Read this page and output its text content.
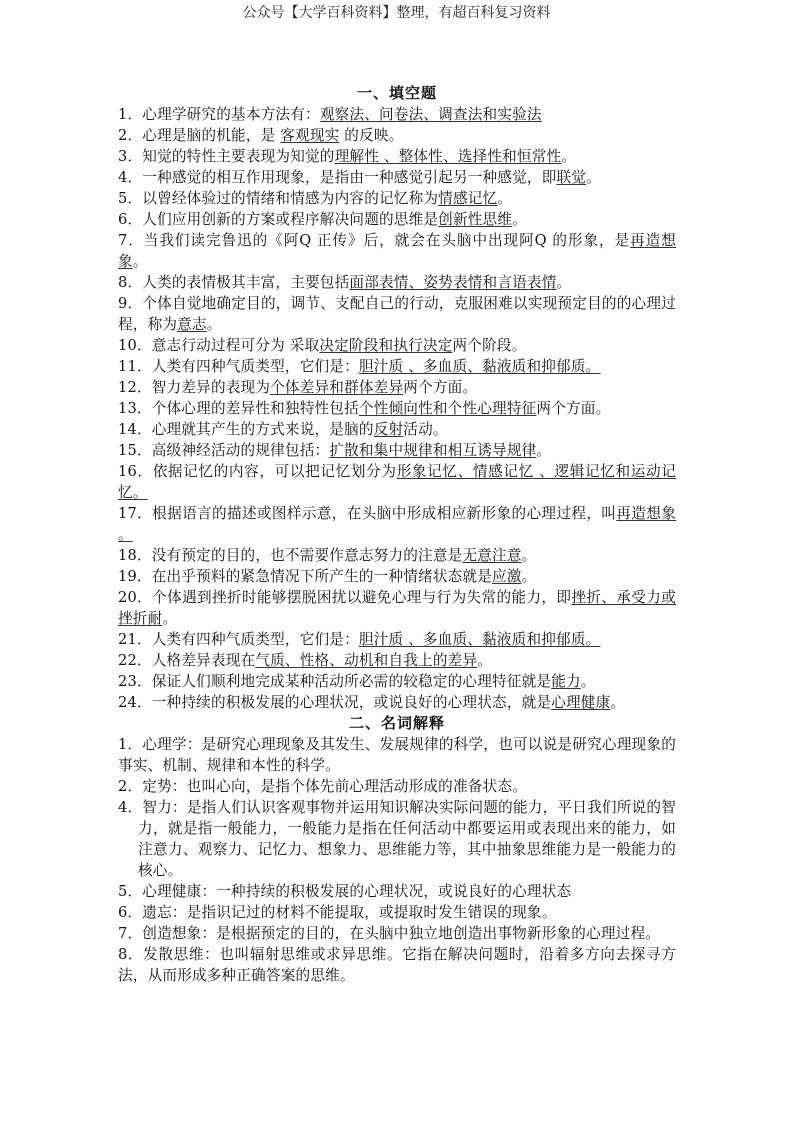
公众号【大学百科资料】整理，有超百科复习资料
一、填空题

1．心理学研究的基本方法有：观察法、问卷法、调查法和实验法

2．心理是脑的机能，是 客观现实 的反映。

3．知觉的特性主要表现为知觉的理解性 、整体性、选择性和恒常性。

4．一种感觉的相互作用现象，是指由一种感觉引起另一种感觉，即联觉。

5．以曾经体验过的情绪和情感为内容的记忆称为情感记忆。

6．人们应用创新的方案或程序解决问题的思维是创新性思维。

7．当我们读完鲁迅的《阿Q 正传》后，就会在头脑中出现阿Q 的形象，是再造想象。

8．人类的表情极其丰富，主要包括面部表情、姿势表情和言语表情。

9．个体自觉地确定目的，调节、支配自己的行动，克服困难以实现预定目的的心理过程，称为意志。

10．意志行动过程可分为 采取决定阶段和执行决定两个阶段。

11．人类有四种气质类型，它们是：胆汁质 、多血质、黏液质和抑郁质。

12．智力差异的表现为个体差异和群体差异两个方面。

13．个体心理的差异性和独特性包括个性倾向性和个性心理特征两个方面。

14．心理就其产生的方式来说，是脑的反射活动。

15．高级神经活动的规律包括：扩散和集中规律和相互诱导规律。

16．依据记忆的内容，可以把记忆划分为形象记忆、情感记忆 、逻辑记忆和运动记忆。

17．根据语言的描述或图样示意，在头脑中形成相应新形象的心理过程，叫再造想象 。

18．没有预定的目的，也不需要作意志努力的注意是无意注意。

19．在出乎预料的紧急情况下所产生的一种情绪状态就是应激。

20．个体遇到挫折时能够摆脱困扰以避免心理与行为失常的能力，即挫折、承受力或挫折耐。

21．人类有四种气质类型，它们是：胆汁质 、多血质、黏液质和抑郁质。

22．人格差异表现在气质、性格、动机和自我上的差异。

23．保证人们顺利地完成某种活动所必需的较稳定的心理特征就是能力。

24．一种持续的积极发展的心理状况，或说良好的心理状态，就是心理健康。

二、名词解释

1．心理学：是研究心理现象及其发生、发展规律的科学，也可以说是研究心理现象的事实、机制、规律和本性的科学。

2．定势：也叫心向，是指个体先前心理活动形成的准备状态。

4．智力：是指人们认识客观事物并运用知识解决实际问题的能力，平日我们所说的智力，就是指一般能力，一般能力是指在任何活动中都要运用或表现出来的能力，如注意力、观察力、记忆力、想象力、思维能力等，其中抽象思维能力是一般能力的核心。

5．心理健康：一种持续的积极发展的心理状况，或说良好的心理状态

6．遗忘：是指识记过的材料不能提取，或提取时发生错误的现象。

7．创造想象：是根据预定的目的，在头脑中独立地创造出事物新形象的心理过程。

8．发散思维：也叫辐射思维或求异思维。它指在解决问题时，沿着多方向去探寻方法，从而形成多种正确答案的思维。
